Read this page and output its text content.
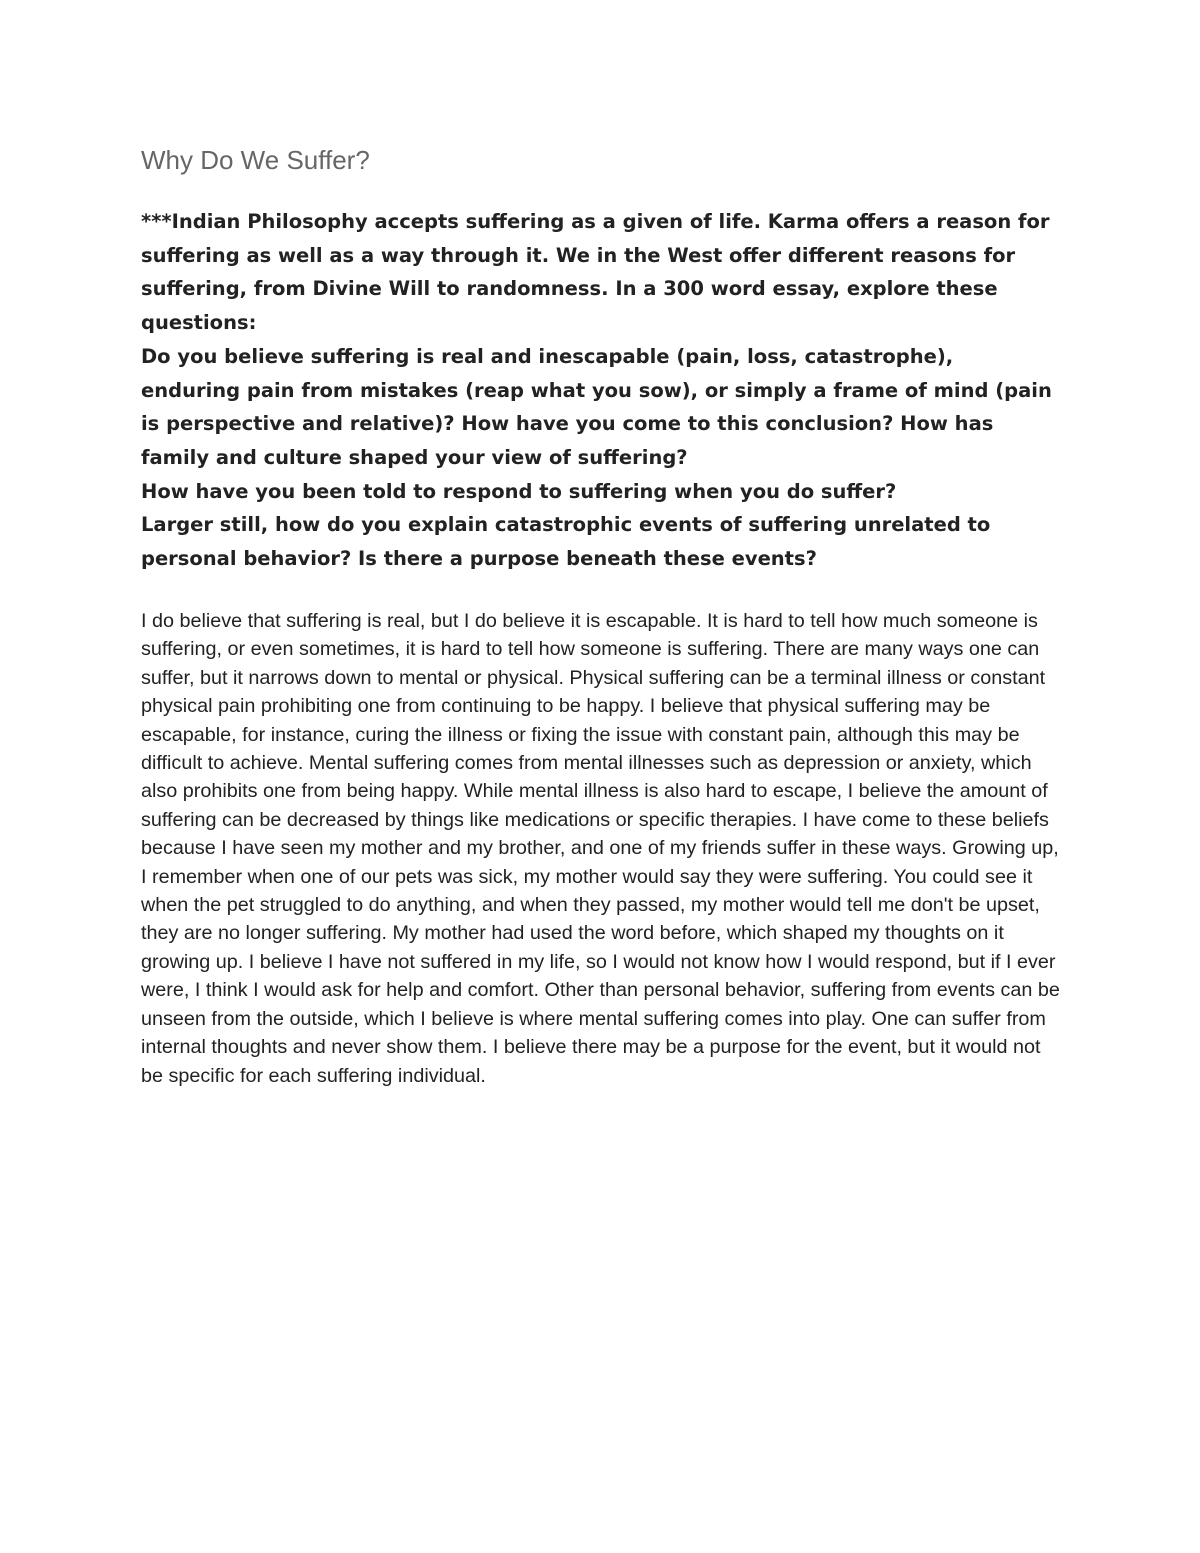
Why Do We Suffer?

***Indian Philosophy accepts suffering as a given of life. Karma offers a reason for suffering as well as a way through it. We in the West offer different reasons for suffering, from Divine Will to randomness. In a 300 word essay, explore these questions:

Do you believe suffering is real and inescapable (pain, loss, catastrophe), enduring pain from mistakes (reap what you sow), or simply a frame of mind (pain is perspective and relative)? How have you come to this conclusion? How has family and culture shaped your view of suffering?

How have you been told to respond to suffering when you do suffer?

Larger still, how do you explain catastrophic events of suffering unrelated to personal behavior? Is there a purpose beneath these events?

I do believe that suffering is real, but I do believe it is escapable. It is hard to tell how much someone is suffering, or even sometimes, it is hard to tell how someone is suffering. There are many ways one can suffer, but it narrows down to mental or physical. Physical suffering can be a terminal illness or constant physical pain prohibiting one from continuing to be happy. I believe that physical suffering may be escapable, for instance, curing the illness or fixing the issue with constant pain, although this may be difficult to achieve. Mental suffering comes from mental illnesses such as depression or anxiety, which also prohibits one from being happy. While mental illness is also hard to escape, I believe the amount of suffering can be decreased by things like medications or specific therapies. I have come to these beliefs because I have seen my mother and my brother, and one of my friends suffer in these ways. Growing up, I remember when one of our pets was sick, my mother would say they were suffering. You could see it when the pet struggled to do anything, and when they passed, my mother would tell me don't be upset, they are no longer suffering. My mother had used the word before, which shaped my thoughts on it growing up. I believe I have not suffered in my life, so I would not know how I would respond, but if I ever were, I think I would ask for help and comfort. Other than personal behavior, suffering from events can be unseen from the outside, which I believe is where mental suffering comes into play. One can suffer from internal thoughts and never show them. I believe there may be a purpose for the event, but it would not be specific for each suffering individual.
